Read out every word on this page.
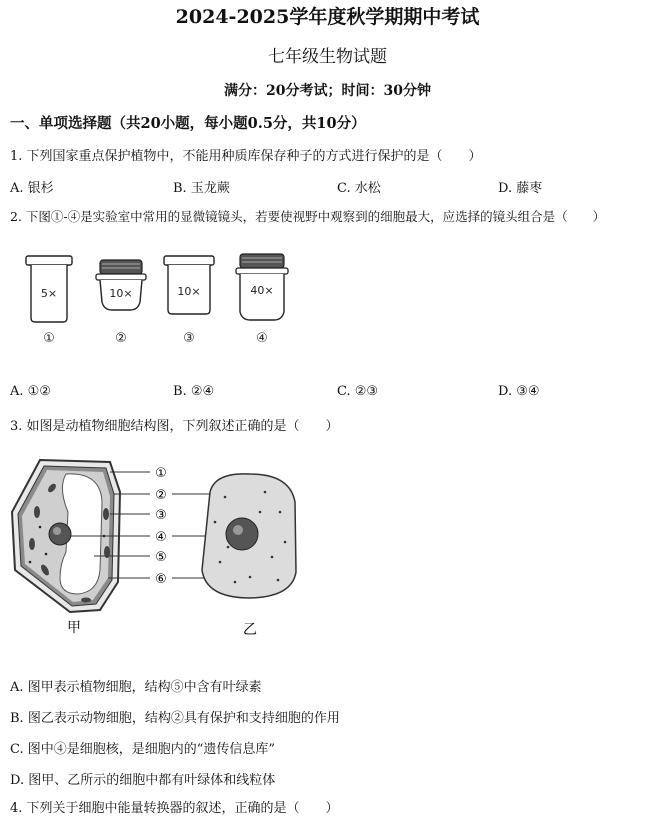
2024-2025学年度秋学期期中考试
七年级生物试题
满分：20分考试；时间：30分钟
一、单项选择题（共20小题，每小题0.5分，共10分）
1. 下列国家重点保护植物中，不能用种质库保存种子的方式进行保护的是（　　）
A. 银杉	B. 玉龙蕨	C. 水松	D. 藤枣
2. 下图①-④是实验室中常用的显微镜镜头，若要使视野中观察到的细胞最大，应选择的镜头组合是（　　）
5×
①
10×
②
10×
③
40×
④
A. ①②	B. ②④	C. ②③	D. ③④
3. 如图是动植物细胞结构图，下列叙述正确的是（　　）
①
②
③
④
⑤
⑥
甲	乙
A. 图甲表示植物细胞，结构⑤中含有叶绿素
B. 图乙表示动物细胞，结构②具有保护和支持细胞的作用
C. 图中④是细胞核，是细胞内的“遗传信息库”
D. 图甲、乙所示的细胞中都有叶绿体和线粒体
4. 下列关于细胞中能量转换器的叙述，正确的是（　　）
